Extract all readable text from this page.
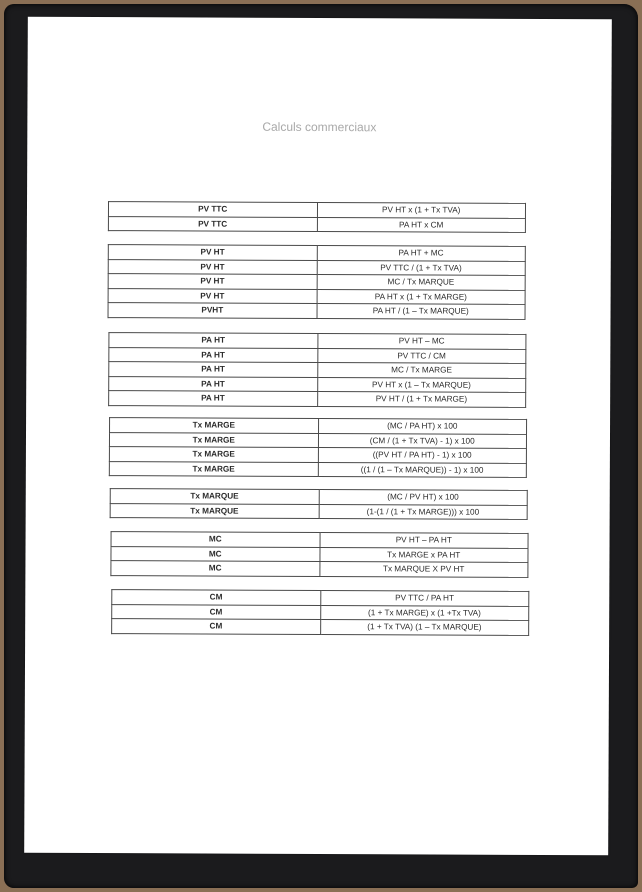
Calculs commerciaux
PV TTC	PV HT x (1 + Tx TVA)
PV TTC	PA HT x CM
PV HT	PA HT + MC
PV HT	PV TTC / (1 + Tx TVA)
PV HT	MC / Tx MARQUE
PV HT	PA HT x (1 + Tx MARGE)
PVHT	PA HT / (1 – Tx MARQUE)
PA HT	PV HT – MC
PA HT	PV TTC / CM
PA HT	MC / Tx MARGE
PA HT	PV HT x (1 – Tx MARQUE)
PA HT	PV HT / (1 + Tx MARGE)
Tx MARGE	(MC / PA HT) x 100
Tx MARGE	(CM / (1 + Tx TVA) - 1) x 100
Tx MARGE	((PV HT / PA HT) - 1) x 100
Tx MARGE	((1 / (1 – Tx MARQUE)) - 1) x 100
Tx MARQUE	(MC / PV HT) x 100
Tx MARQUE	(1-(1 / (1 + Tx MARGE))) x 100
MC	PV HT – PA HT
MC	Tx MARGE x PA HT
MC	Tx MARQUE X PV HT
CM	PV TTC / PA HT
CM	(1 + Tx MARGE) x (1 +Tx TVA)
CM	(1 + Tx TVA) (1 – Tx MARQUE)
